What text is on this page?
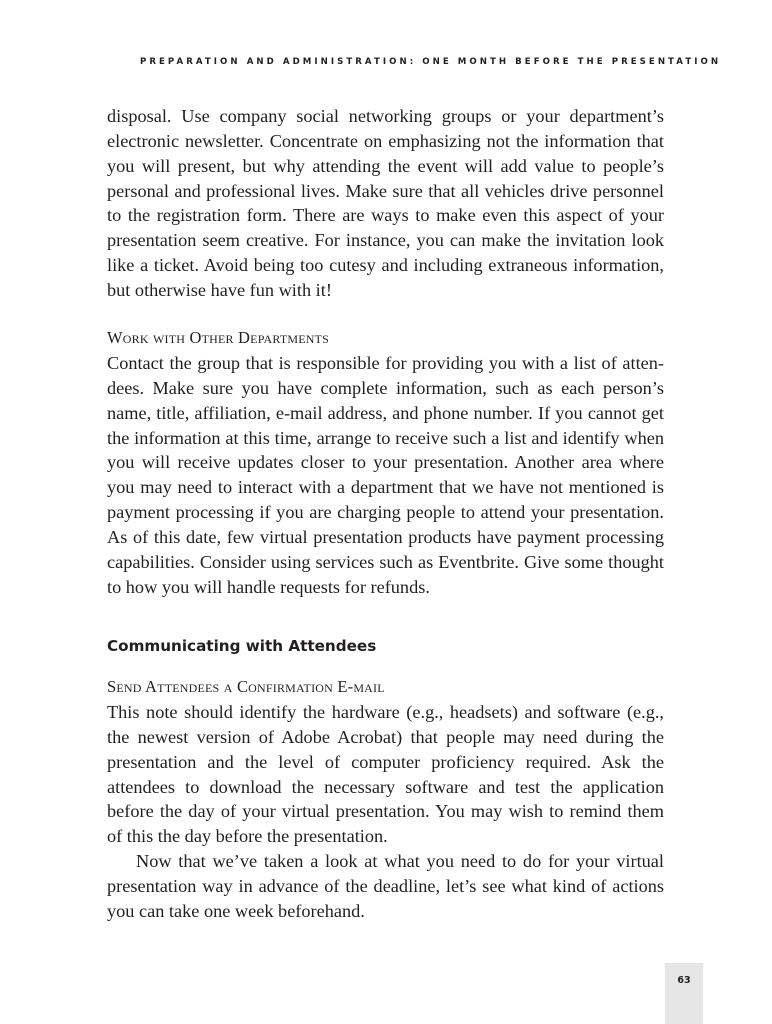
PREPARATION AND ADMINISTRATION: ONE MONTH BEFORE THE PRESENTATION

disposal. Use company social networking groups or your department’s electronic newsletter. Concentrate on emphasizing not the information that you will present, but why attending the event will add value to people’s personal and professional lives. Make sure that all vehicles drive personnel to the registration form. There are ways to make even this aspect of your presentation seem creative. For instance, you can make the invitation look like a ticket. Avoid being too cutesy and including extraneous information, but otherwise have fun with it!

Work with Other Departments

Contact the group that is responsible for providing you with a list of attendees. Make sure you have complete information, such as each person’s name, title, affiliation, e-mail address, and phone number. If you cannot get the information at this time, arrange to receive such a list and identify when you will receive updates closer to your presentation. Another area where you may need to interact with a department that we have not mentioned is payment processing if you are charging people to attend your presentation. As of this date, few virtual presentation products have payment processing capabilities. Consider using services such as Eventbrite. Give some thought to how you will handle requests for refunds.

Communicating with Attendees
Send Attendees a Confirmation E-mail

This note should identify the hardware (e.g., headsets) and software (e.g., the newest version of Adobe Acrobat) that people may need during the presentation and the level of computer proficiency required. Ask the attendees to download the necessary software and test the application before the day of your virtual presentation. You may wish to remind them of this the day before the presentation.

Now that we’ve taken a look at what you need to do for your virtual presentation way in advance of the deadline, let’s see what kind of actions you can take one week beforehand.

63
